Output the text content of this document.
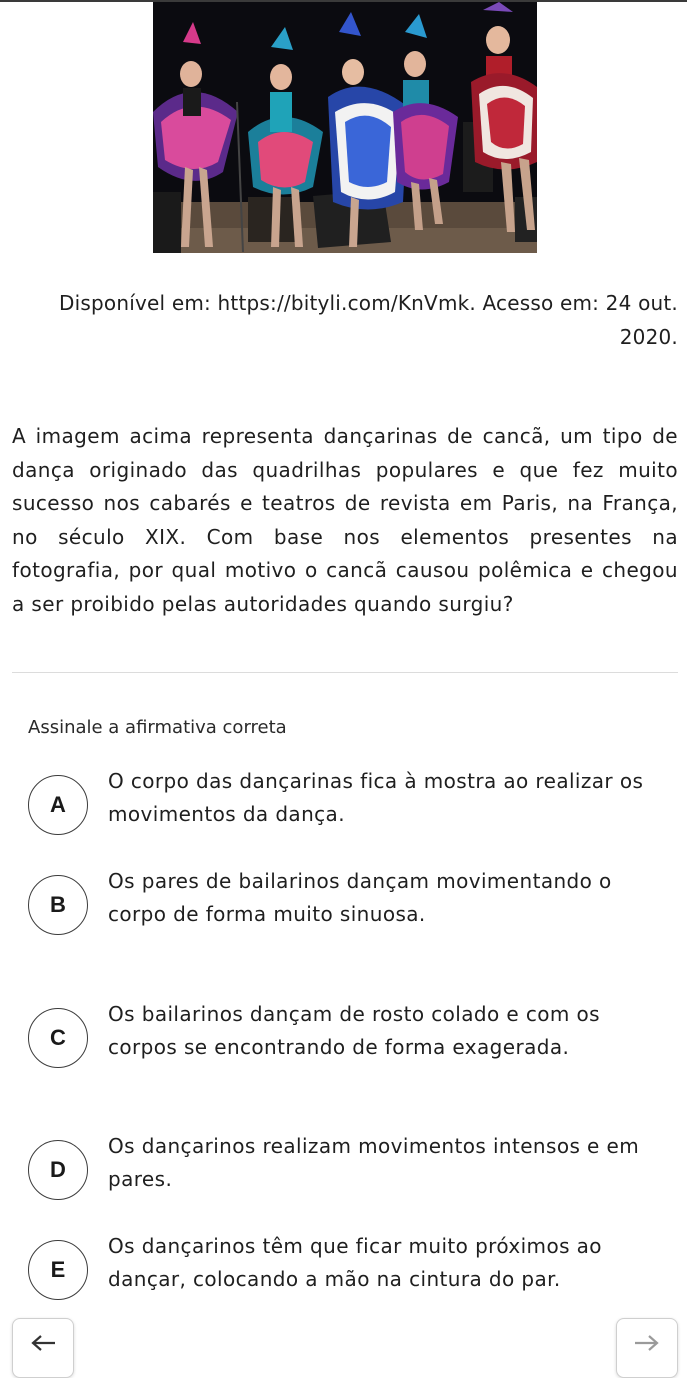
Disponível em: https://bityli.com/KnVmk. Acesso em: 24 out. 2020.
A imagem acima representa dançarinas de cancã, um tipo de dança originado das quadrilhas populares e que fez muito sucesso nos cabarés e teatros de revista em Paris, na França, no século XIX. Com base nos elementos presentes na fotografia, por qual motivo o cancã causou polêmica e chegou a ser proibido pelas autoridades quando surgiu?
Assinale a afirmativa correta
A
O corpo das dançarinas fica à mostra ao realizar os movimentos da dança.
B
Os pares de bailarinos dançam movimentando o corpo de forma muito sinuosa.
C
Os bailarinos dançam de rosto colado e com os corpos se encontrando de forma exagerada.
D
Os dançarinos realizam movimentos intensos e em pares.
E
Os dançarinos têm que ficar muito próximos ao dançar, colocando a mão na cintura do par.
